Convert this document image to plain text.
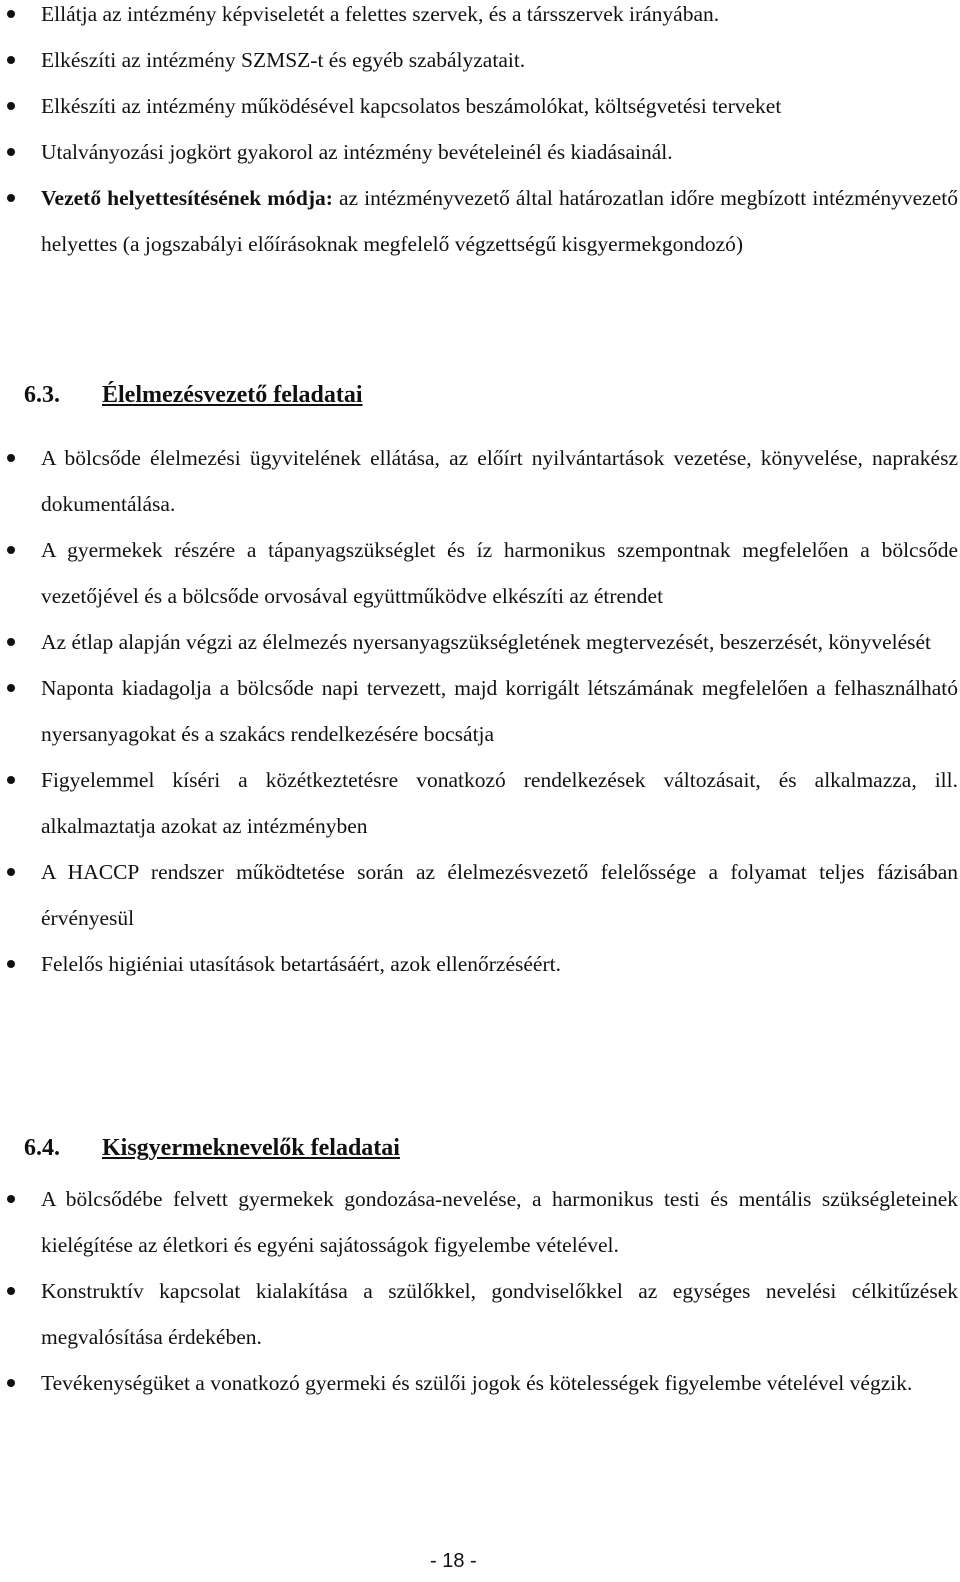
Ellátja az intézmény képviseletét a felettes szervek, és a társszervek irányában.
Elkészíti az intézmény SZMSZ-t és egyéb szabályzatait.
Elkészíti az intézmény működésével kapcsolatos beszámolókat, költségvetési terveket
Utalványozási jogkört gyakorol az intézmény bevételeinél és kiadásainál.
Vezető helyettesítésének módja: az intézményvezető által határozatlan időre megbízott intézményvezető helyettes (a jogszabályi előírásoknak megfelelő végzettségű kisgyermekgondozó)
6.3.	Élelmezésvezető feladatai
A bölcsőde élelmezési ügyvitelének ellátása, az előírt nyilvántartások vezetése, könyvelése, naprakész dokumentálása.
A gyermekek részére a tápanyagszükséglet és íz harmonikus szempontnak megfelelően a bölcsőde vezetőjével és a bölcsőde orvosával együttműködve elkészíti az étrendet
Az étlap alapján végzi az élelmezés nyersanyagszükségletének megtervezését, beszerzését, könyvelését
Naponta kiadagolja a bölcsőde napi tervezett, majd korrigált létszámának megfelelően a felhasználható nyersanyagokat és a szakács rendelkezésére bocsátja
Figyelemmel kíséri a közétkeztetésre vonatkozó rendelkezések változásait, és alkalmazza, ill. alkalmaztatja azokat az intézményben
A HACCP rendszer működtetése során az élelmezésvezető felelőssége a folyamat teljes fázisában érvényesül
Felelős higiéniai utasítások betartásáért, azok ellenőrzéséért.
6.4.	Kisgyermeknevelők feladatai
A bölcsődébe felvett gyermekek gondozása-nevelése, a harmonikus testi és mentális szükségleteinek kielégítése az életkori és egyéni sajátosságok figyelembe vételével.
Konstruktív kapcsolat kialakítása a szülőkkel, gondviselőkkel az egységes nevelési célkitűzések megvalósítása érdekében.
Tevékenységüket a vonatkozó gyermeki és szülői jogok és kötelességek figyelembe vételével végzik.
- 18 -
